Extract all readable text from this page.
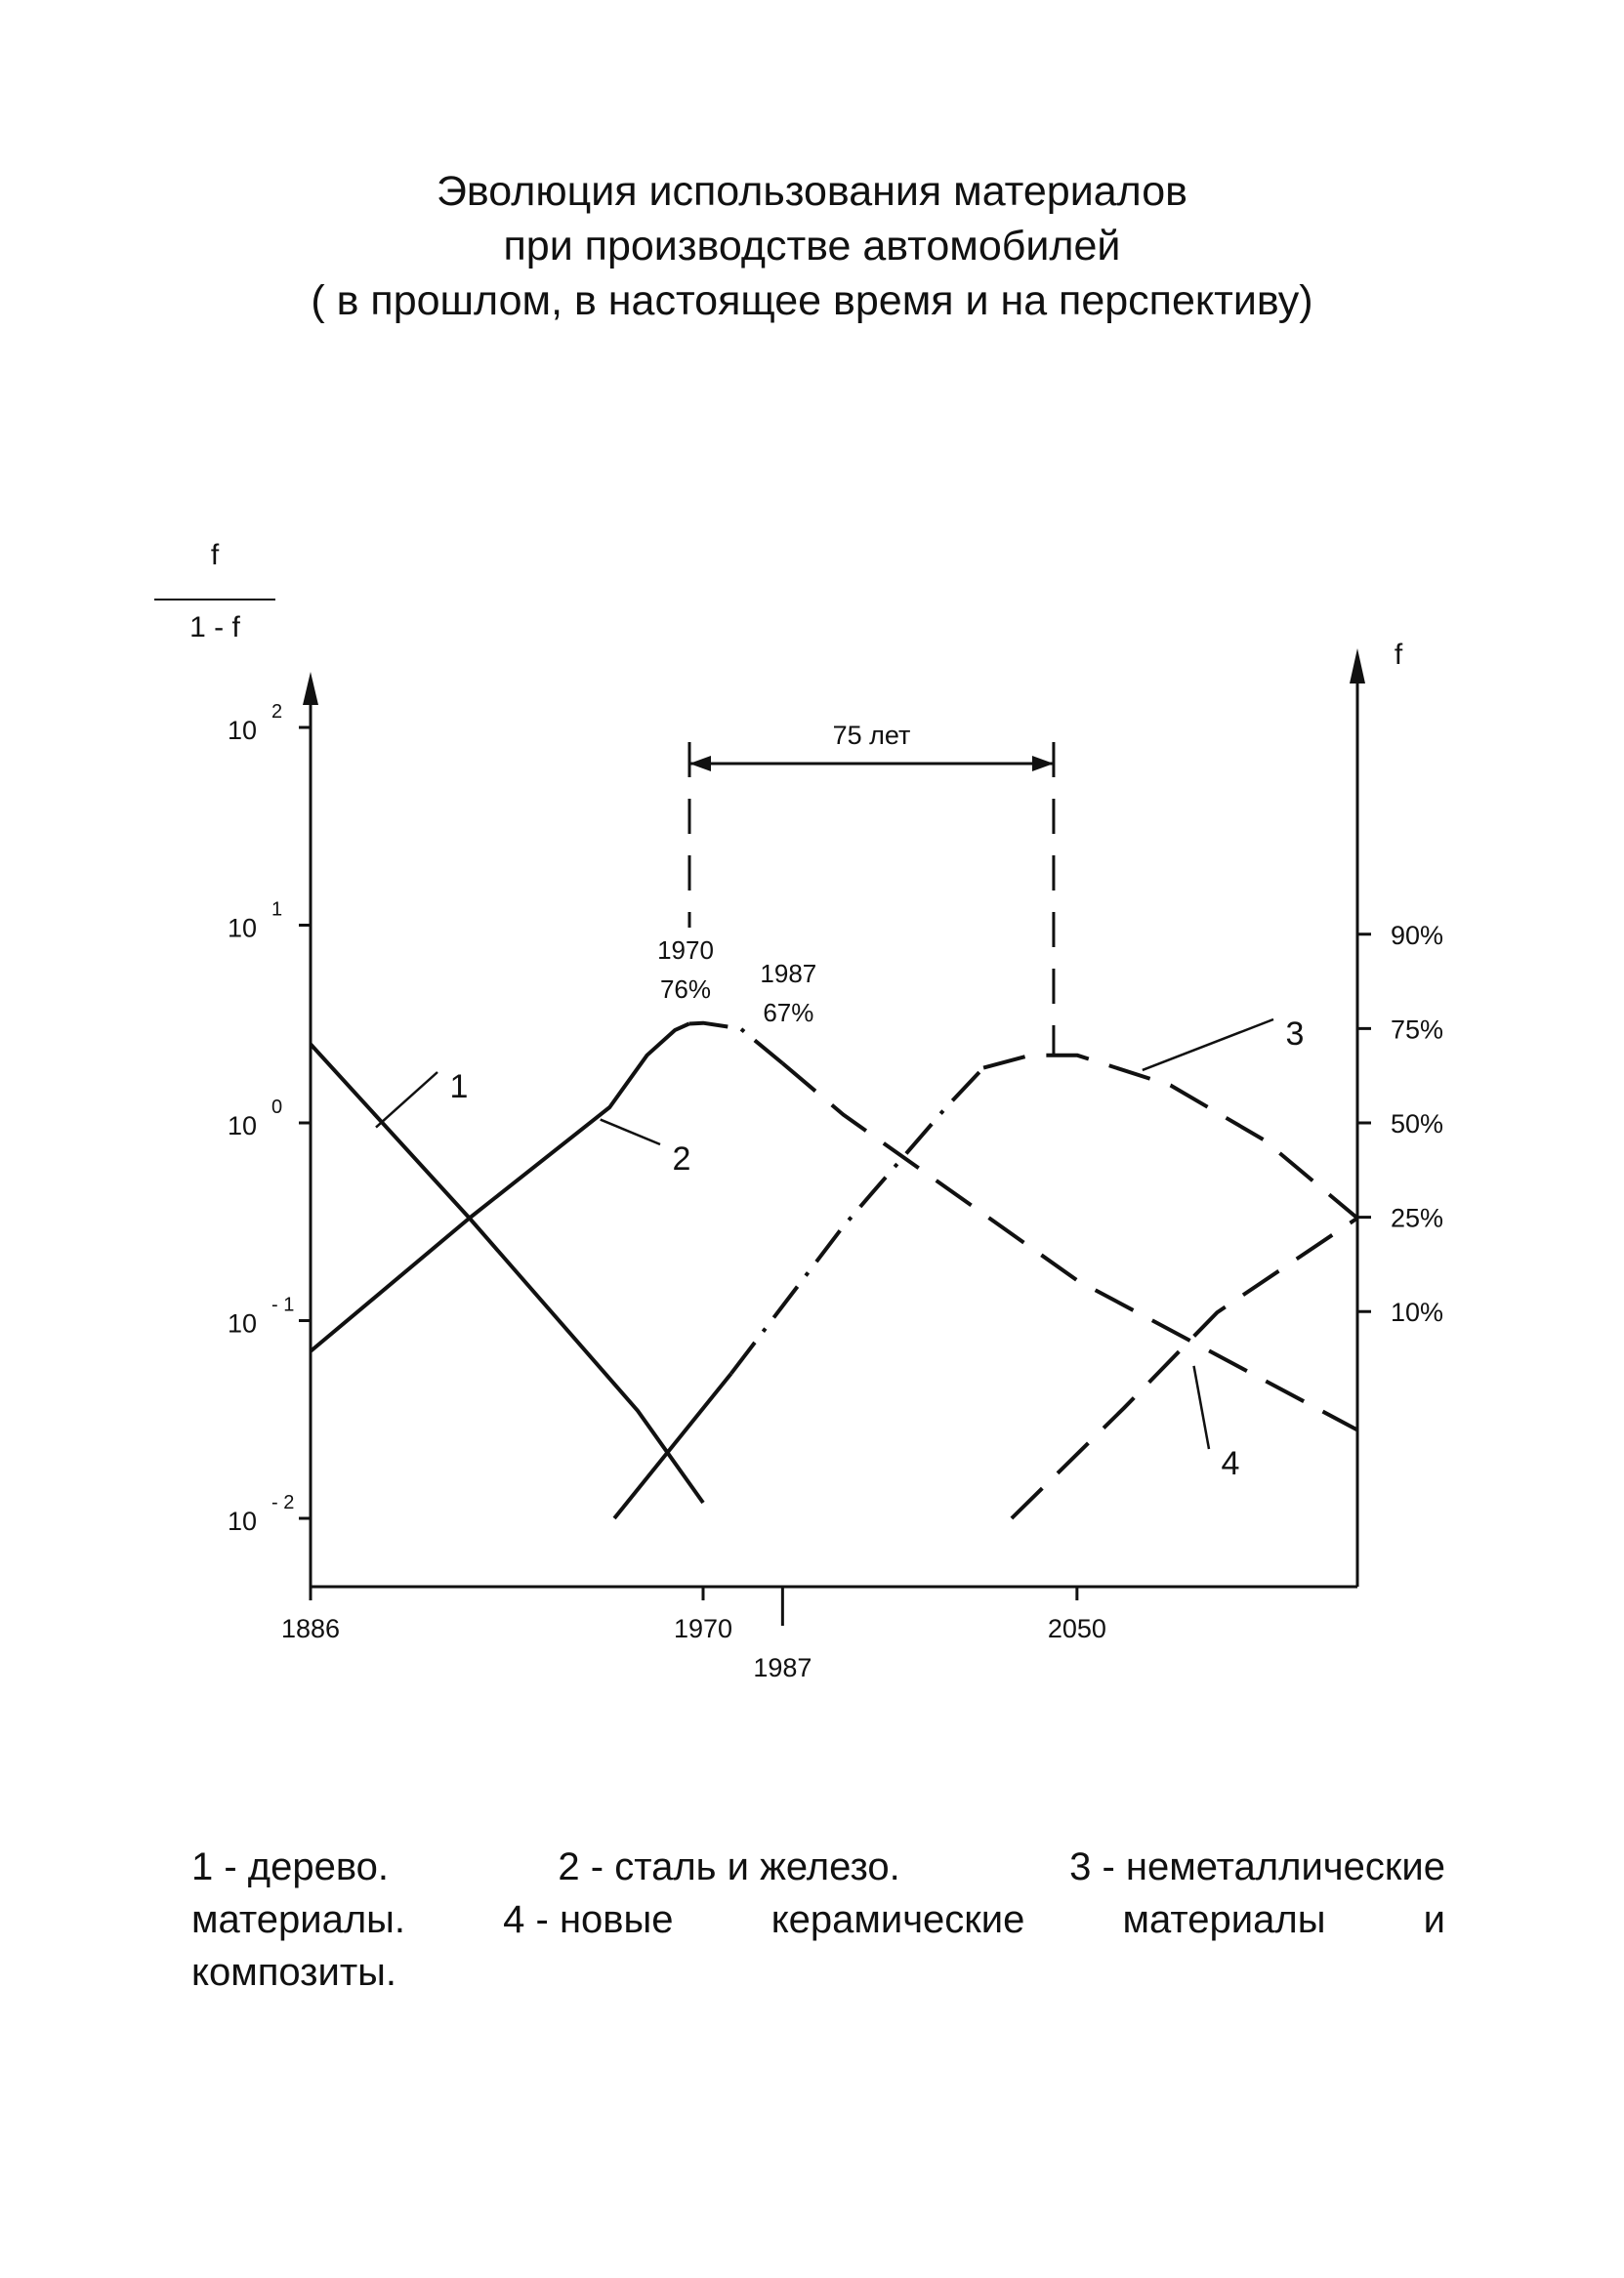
Эволюция использования материалов
при производстве автомобилей
( в прошлом, в настоящее время и на перспективу)
f
1 - f
f
10
2
10
1
10
0
10
- 1
10
- 2
90%
75%
50%
25%
10%
1886	1970
1987
2050
1
2
3
4
1970
76%
1987
67%
75 лет
1 - дерево.	2 - сталь и железо.	3 - неметаллические
материалы.	4 - новые	керамические	материалы	и
композиты.
